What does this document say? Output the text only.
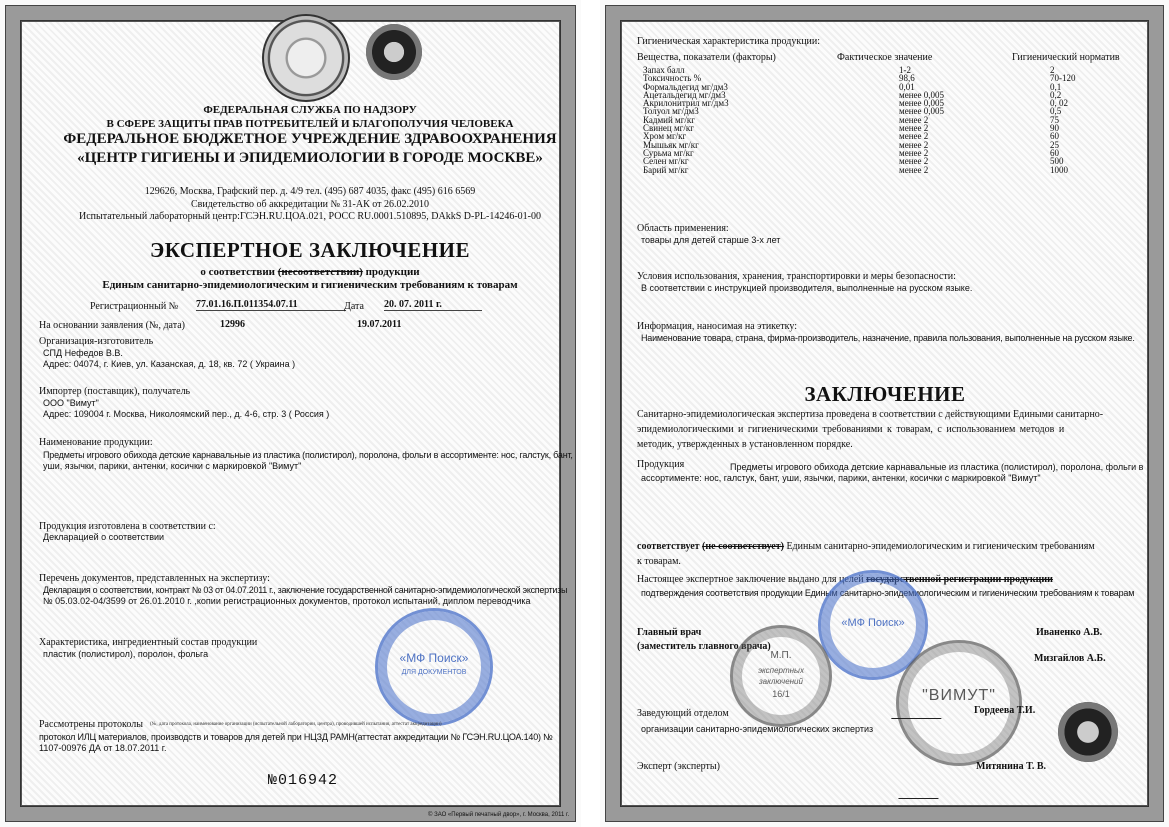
ФЕДЕРАЛЬНАЯ СЛУЖБА ПО НАДЗОРУ
В СФЕРЕ ЗАЩИТЫ ПРАВ ПОТРЕБИТЕЛЕЙ И БЛАГОПОЛУЧИЯ ЧЕЛОВЕКА
ФЕДЕРАЛЬНОЕ БЮДЖЕТНОЕ УЧРЕЖДЕНИЕ ЗДРАВООХРАНЕНИЯ
«ЦЕНТР ГИГИЕНЫ И ЭПИДЕМИОЛОГИИ В ГОРОДЕ МОСКВЕ»
129626, Москва, Графский пер. д. 4/9 тел. (495) 687 4035, факс (495) 616 6569
Свидетельство об аккредитации № 31-АК от 26.02.2010
Испытательный лабораторный центр:ГСЭН.RU.ЦОА.021, РОСС RU.0001.510895, DAkkS D-PL-14246-01-00
ЭКСПЕРТНОЕ ЗАКЛЮЧЕНИЕ
о соответствии (несоответствии) продукции
Единым санитарно-эпидемиологическим и гигиеническим требованиям к товарам
Регистрационный № 77.01.16.П.011354.07.11	Дата 20. 07. 2011 г.
На основании заявления (№, дата)	12996	19.07.2011
Организация-изготовитель
СПД Нефедов В.В.
Адрес: 04074, г. Киев, ул. Казанская, д. 18, кв. 72 ( Украина )
Импортер (поставщик), получатель
ООО "Вимут"
Адрес: 109004 г. Москва, Николоямский пер., д. 4-6, стр. 3 ( Россия )
Наименование продукции:
Предметы игрового обихода детские карнавальные из пластика (полистирол), поролона, фольги в ассортименте: нос, галстук, бант,
уши, язычки, парики, антенки, косички с маркировкой "Вимут"
Продукция изготовлена в соответствии с:
Декларацией о соответствии
Перечень документов, представленных на экспертизу:
Декларация о соответствии, контракт № 03 от 04.07.2011 г., заключение государственной санитарно-эпидемиологической экспертизы
№ 05.03.02-04/3599 от 26.01.2010 г. ,копии регистрационных документов, протокол испытаний, диплом переводчика
Характеристика, ингредиентный состав продукции
пластик (полистирол), поролон, фольга	«МФ Поиск»
ДЛЯ ДОКУМЕНТОВ
Рассмотрены протоколы (№, дата протокола, наименование организации (испытательной лаборатории, центра), проводившей испытания, аттестат аккредитации)
протокол ИЛЦ материалов, производств и товаров для детей при НЦЗД РАМН(аттестат аккредитации № ГСЭН.RU.ЦОА.140) №
1107-00976 ДА от 18.07.2011 г.
№016942
© ЗАО «Первый печатный двор», г. Москва, 2011 г.
Гигиеническая характеристика продукции:
Вещества, показатели (факторы)	Фактическое значение	Гигиенический норматив
Запах балл	1-2	2
Токсичность %	98,6	70-120
Формальдегид мг/дм3	0,01	0,1
Ацетальдегид мг/дм3	менее 0,005	0,2
Акрилонитрил мг/дм3	менее 0,005	0, 02
Толуол мг/дм3	менее 0,005	0,5
Кадмий мг/кг	менее 2	75
Свинец мг/кг	менее 2	90
Хром мг/кг	менее 2	60
Мышьяк мг/кг	менее 2	25
Сурьма мг/кг	менее 2	60
Селен мг/кг	менее 2	500
Барий мг/кг	менее 2	1000
Область применения:
товары для детей старше 3-х лет
Условия использования, хранения, транспортировки и меры безопасности:
В соответствии с инструкцией производителя, выполненные на русском языке.
Информация, наносимая на этикетку:
Наименование товара, страна, фирма-производитель, назначение, правила пользования, выполненные на русском языке.
ЗАКЛЮЧЕНИЕ
Санитарно-эпидемиологическая экспертиза проведена в соответствии с действующими Едиными санитарно-
эпидемиологическими и гигиеническими требованиями к товарам, с использованием методов и
методик, утвержденных в установленном порядке.
Продукция	Предметы игрового обихода детские карнавальные из пластика (полистирол), поролона, фольги в
ассортименте: нос, галстук, бант, уши, язычки, парики, антенки, косички с маркировкой "Вимут"
соответствует (не соответствует) Единым санитарно-эпидемиологическим и гигиеническим требованиям
к товарам.
Настоящее экспертное заключение выдано для целей государственной регистрации продукции
подтверждения соответствия продукции Единым санитарно-эпидемиологическим и гигиеническим требованиям к товарам
«МФ Поиск»
Главный врач
(заместитель главного врача)
Иваненко А.В.
Мизгайлов А.Б.
М.П.
экспертных
заключений
16/1	"ВИМУТ"
Заведующий отделом	Гордеева Т.И.
организации санитарно-эпидемиологических экспертиз
Эксперт (эксперты)	Митянина Т. В.
